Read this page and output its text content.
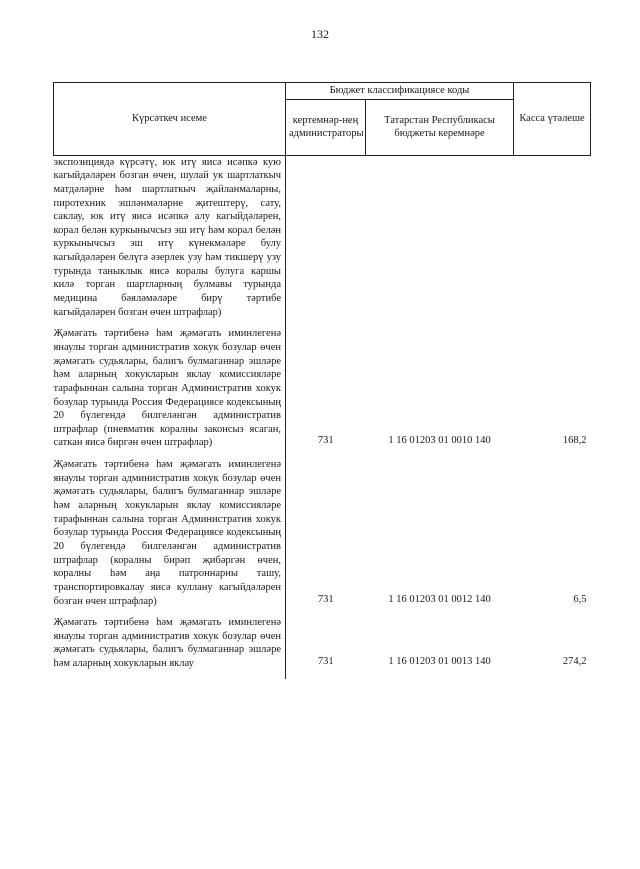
132
Күрсәткеч исеме	Бюджет классификациясе коды		Касса үтәлеше
	кертемнәр-нең администраторы	Татарстан Республикасы бюджеты керемнәре	
экспозициядә күрсәтү, юк итү яисә исәпкә кую кагыйдәләрен бозган өчен, шулай ук шартлаткыч матдәләрне һәм шартлаткыч җайланмаларны, пиротехник эшләнмәләрне җитештерү, сату, саклау, юк итү яисә исәпкә алу кагыйдәләрен, корал белән куркынычсыз эш итү һәм корал белән куркынычсыз эш итү күнекмәләре булу кагыйдәләрен белүгә әзерлек узу һәм тикшерү узу турында таныклык яисә коралы булуга каршы килә торган шартларның булмавы турында медицина бәяләмәләре бирү тәртибе кагыйдәләрен бозган өчен штрафлар)			
Җәмәгать тәртибенә һәм җәмәгать иминлегенә янаулы торган административ хокук бозулар өчен җәмәгать судьялары, балигъ булмаганнар эшләре һәм аларның хокукларын яклау комиссияләре тарафыннан салына торган Административ хокук бозулар турында Россия Федерациясе кодексының 20 бүлегендә билгеләнгән административ штрафлар (пневматик коралны законсыз ясаган, саткан яисә биргән өчен штрафлар)	731	1 16 01203 01 0010 140	168,2
Җәмәгать тәртибенә һәм җәмәгать иминлегенә янаулы торган административ хокук бозулар өчен җәмәгать судьялары, балигъ булмаганнар эшләре һәм аларның хокукларын яклау комиссияләре тарафыннан салына торган Административ хокук бозулар турында Россия Федерациясе кодексының 20 бүлегендә билгеләнгән административ штрафлар (коралны бирәп җибәргән өчен, коралны һәм аңа патроннарны ташу, транспортировкалау яисә куллану кагыйдәләрен бозган өчен штрафлар)	731	1 16 01203 01 0012 140	6,5
Җәмәгать тәртибенә һәм җәмәгать иминлегенә янаулы торган административ хокук бозулар өчен җәмәгать судьялары, балигъ булмаганнар эшләре һәм аларның хокукларын яклау	731	1 16 01203 01 0013 140	274,2
